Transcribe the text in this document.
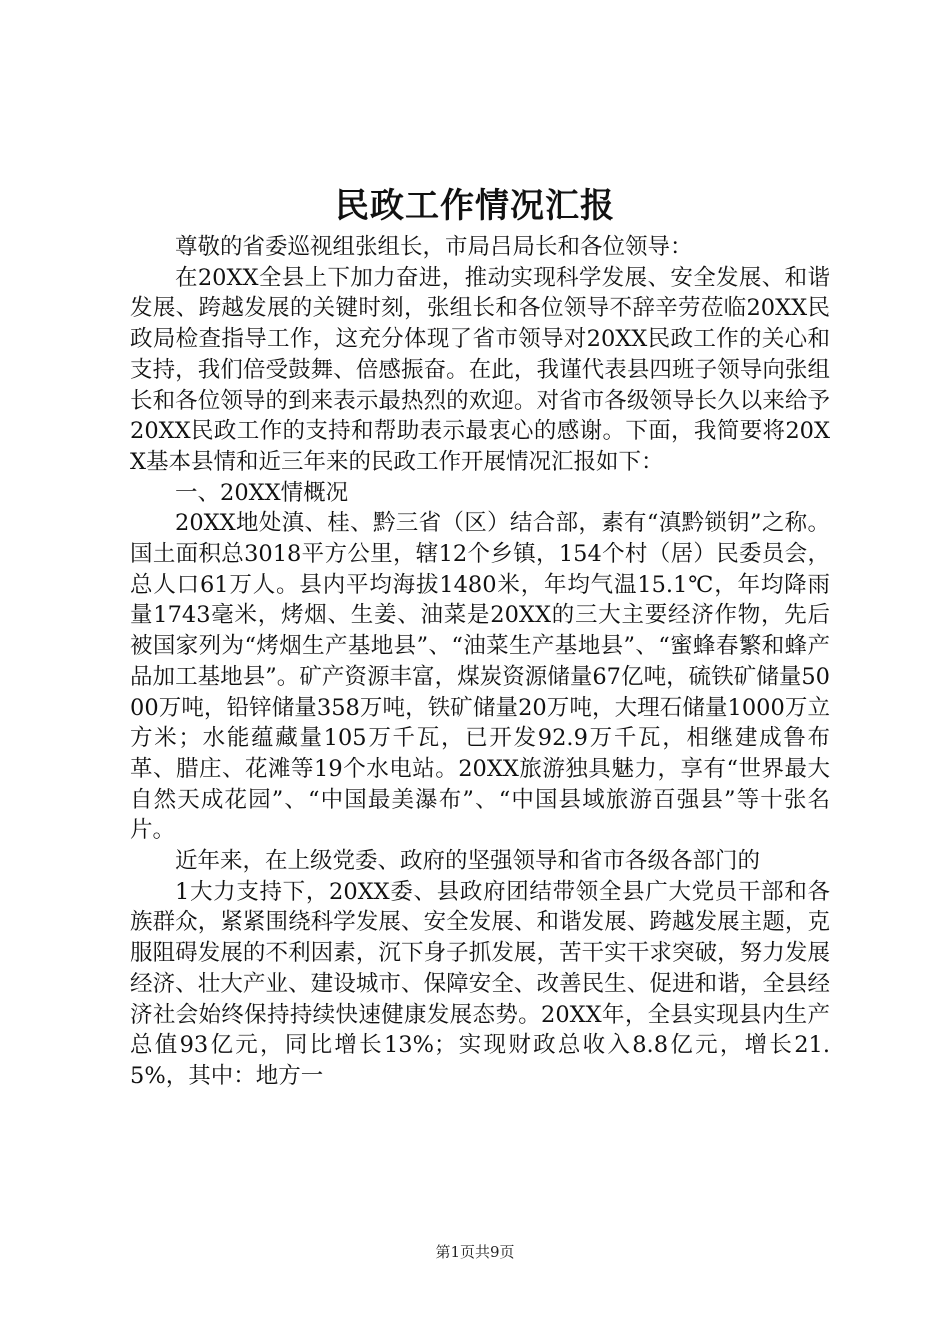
民政工作情况汇报

尊敬的省委巡视组张组长，市局吕局长和各位领导：

在20XX全县上下加力奋进，推动实现科学发展、安全发展、和谐发展、跨越发展的关键时刻，张组长和各位领导不辞辛劳莅临20XX民政局检查指导工作，这充分体现了省市领导对20XX民政工作的关心和支持，我们倍受鼓舞、倍感振奋。在此，我谨代表县四班子领导向张组长和各位领导的到来表示最热烈的欢迎。对省市各级领导长久以来给予20XX民政工作的支持和帮助表示最衷心的感谢。下面，我简要将20XX基本县情和近三年来的民政工作开展情况汇报如下：

一、20XX情概况

20XX地处滇、桂、黔三省（区）结合部，素有“滇黔锁钥”之称。国土面积总3018平方公里，辖12个乡镇，154个村（居）民委员会，总人口61万人。县内平均海拔1480米，年均气温15.1℃，年均降雨量1743毫米，烤烟、生姜、油菜是20XX的三大主要经济作物，先后被国家列为“烤烟生产基地县”、“油菜生产基地县”、“蜜蜂春繁和蜂产品加工基地县”。矿产资源丰富，煤炭资源储量67亿吨，硫铁矿储量5000万吨，铅锌储量358万吨，铁矿储量20万吨，大理石储量1000万立方米；水能蕴藏量105万千瓦，已开发92.9万千瓦，相继建成鲁布革、腊庄、花滩等19个水电站。20XX旅游独具魅力，享有“世界最大自然天成花园”、“中国最美瀑布”、“中国县域旅游百强县”等十张名片。

近年来，在上级党委、政府的坚强领导和省市各级各部门的

1大力支持下，20XX委、县政府团结带领全县广大党员干部和各族群众，紧紧围绕科学发展、安全发展、和谐发展、跨越发展主题，克服阻碍发展的不利因素，沉下身子抓发展，苦干实干求突破，努力发展经济、壮大产业、建设城市、保障安全、改善民生、促进和谐，全县经济社会始终保持持续快速健康发展态势。20XX年，全县实现县内生产总值93亿元，同比增长13%；实现财政总收入8.8亿元，增长21.5%，其中：地方一

第1页共9页
